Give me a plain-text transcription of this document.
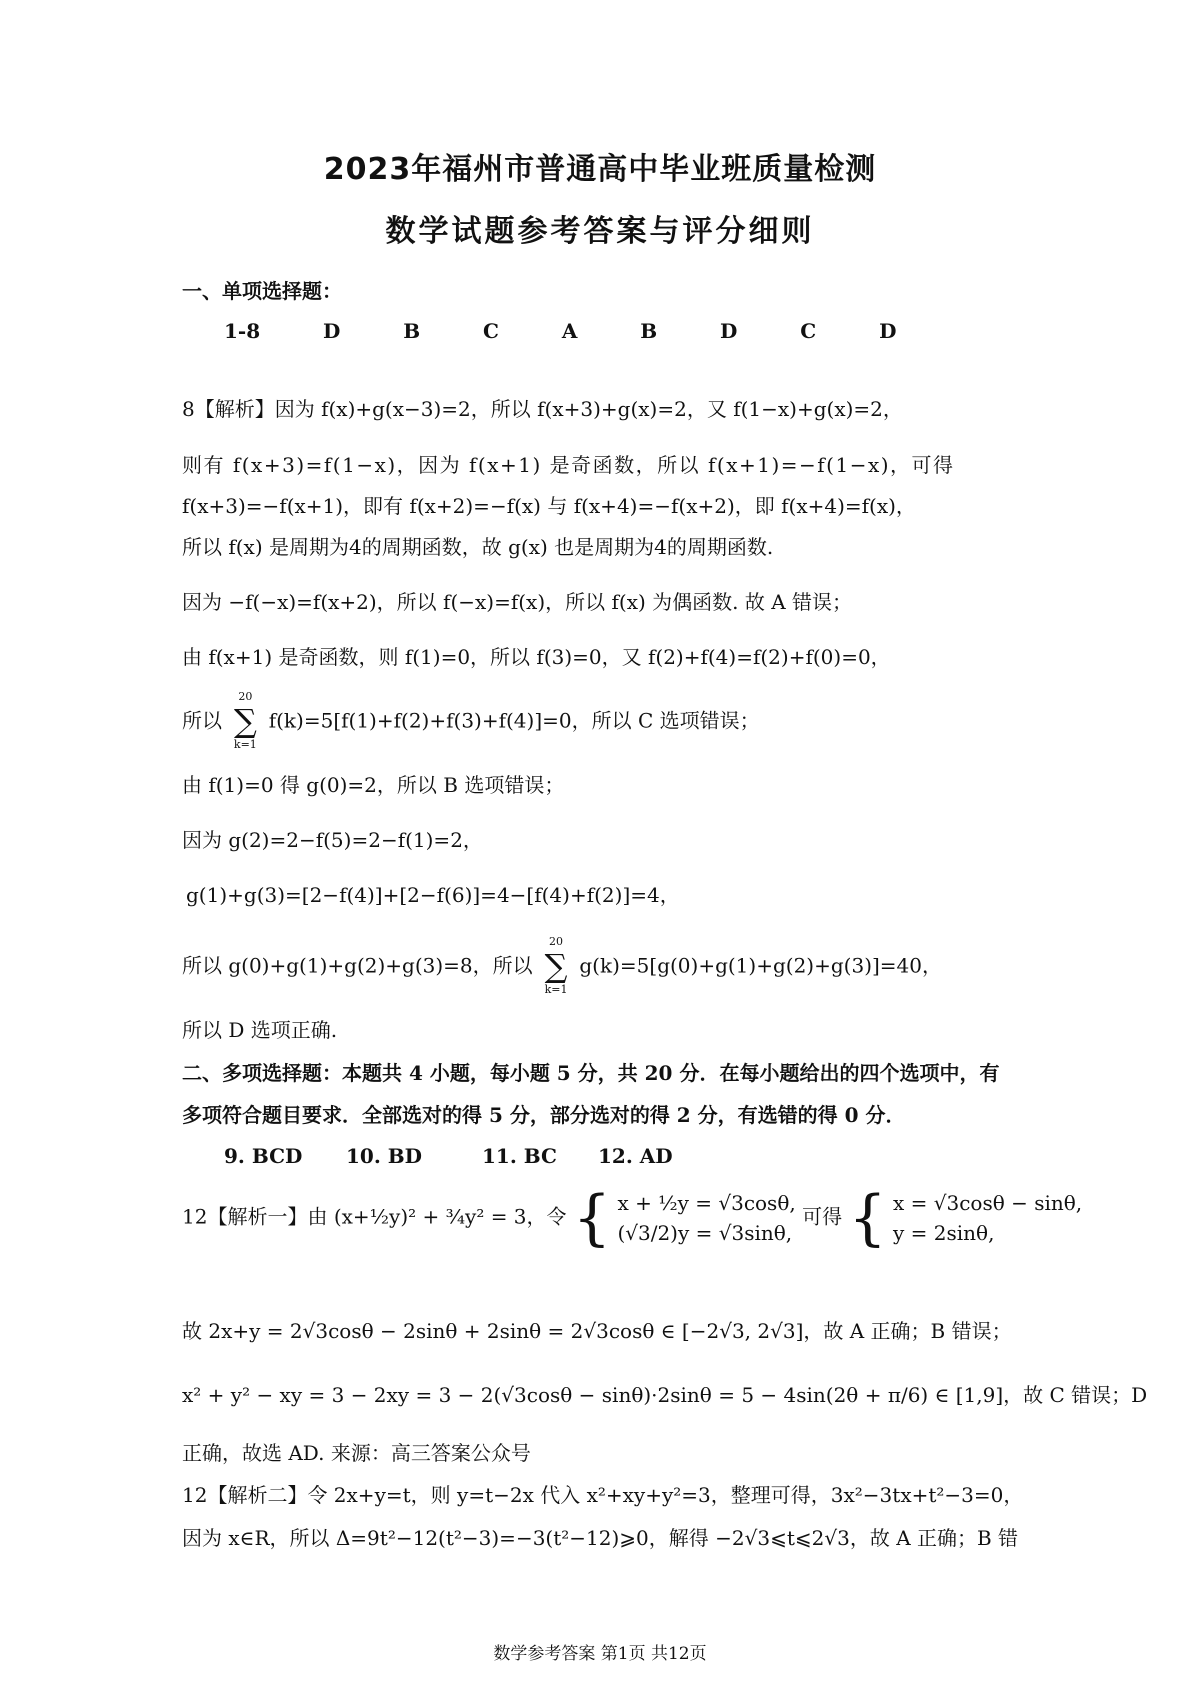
2023年福州市普通高中毕业班质量检测
数学试题参考答案与评分细则
一、单项选择题：
1-8   D   B   C   A   B   D   C   D
8【解析】因为 f(x)+g(x−3)=2，所以 f(x+3)+g(x)=2，又 f(1−x)+g(x)=2，
则有 f(x+3)=f(1−x)，因为 f(x+1) 是奇函数，所以 f(x+1)=−f(1−x)，可得
f(x+3)=−f(x+1)，即有 f(x+2)=−f(x) 与 f(x+4)=−f(x+2)，即 f(x+4)=f(x)，
所以 f(x) 是周期为4的周期函数，故 g(x) 也是周期为4的周期函数.
因为 −f(−x)=f(x+2)，所以 f(−x)=f(x)，所以 f(x) 为偶函数. 故 A 错误；
由 f(x+1) 是奇函数，则 f(1)=0，所以 f(3)=0，又 f(2)+f(4)=f(2)+f(0)=0，
所以
20
∑
k=1
f(k)=5[f(1)+f(2)+f(3)+f(4)]=0，所以 C 选项错误；
由 f(1)=0 得 g(0)=2，所以 B 选项错误；
因为 g(2)=2−f(5)=2−f(1)=2，
g(1)+g(3)=[2−f(4)]+[2−f(6)]=4−[f(4)+f(2)]=4，
所以 g(0)+g(1)+g(2)+g(3)=8，所以
20
∑
k=1
g(k)=5[g(0)+g(1)+g(2)+g(3)]=40，
所以 D 选项正确.
二、多项选择题：本题共 4 小题，每小题 5 分，共 20 分．在每小题给出的四个选项中，有
多项符合题目要求．全部选对的得 5 分，部分选对的得 2 分，有选错的得 0 分．
9. BCD 10. BD	11. BC 12. AD
12【解析一】由 (x+½y)² + ¾y² = 3，令 { x + ½y = √3cosθ,
(√3/2)y = √3sinθ,
可得 { x = √3cosθ − sinθ,
y = 2sinθ,
故 2x+y = 2√3cosθ − 2sinθ + 2sinθ = 2√3cosθ ∈ [−2√3, 2√3]，故 A 正确；B 错误；
x² + y² − xy = 3 − 2xy = 3 − 2(√3cosθ − sinθ)·2sinθ = 5 − 4sin(2θ + π/6) ∈ [1,9]，故 C 错误；D
正确，故选 AD. 来源：高三答案公众号
12【解析二】令 2x+y=t，则 y=t−2x 代入 x²+xy+y²=3，整理可得，3x²−3tx+t²−3=0，
因为 x∈R，所以 Δ=9t²−12(t²−3)=−3(t²−12)⩾0，解得 −2√3⩽t⩽2√3，故 A 正确；B 错
数学参考答案 第1页 共12页
